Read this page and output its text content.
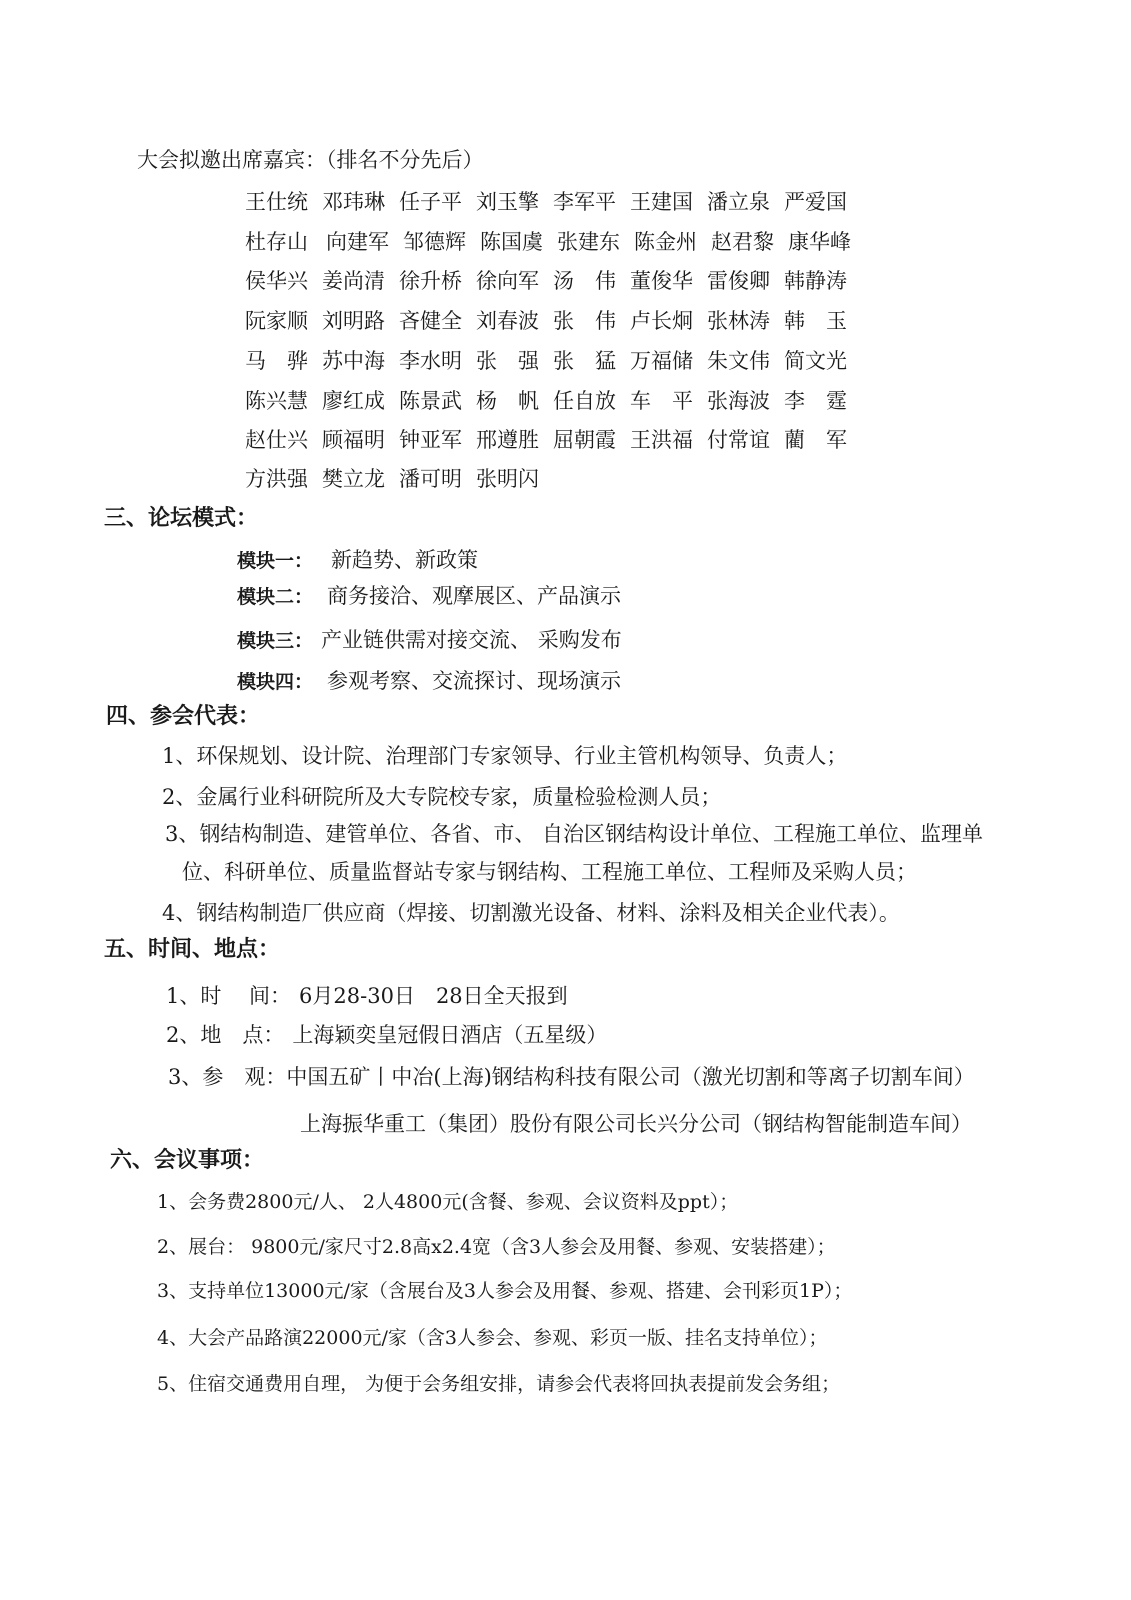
大会拟邀出席嘉宾：（排名不分先后）
王仕统 邓玮琳 任子平 刘玉擎 李军平 王建国 潘立泉 严爱国
杜存山 向建军 邹德辉 陈国虞 张建东 陈金州 赵君黎 康华峰
侯华兴 姜尚清 徐升桥 徐向军 汤　伟 董俊华 雷俊卿 韩静涛
阮家顺 刘明路 吝健全 刘春波 张　伟 卢长炯 张林涛 韩　玉
马　骅 苏中海 李水明 张　强 张　猛 万福储 朱文伟 简文光
陈兴慧 廖红成 陈景武 杨　帆 任自放 车　平 张海波 李　霆
赵仕兴 顾福明 钟亚军 邢遵胜 屈朝霞 王洪福 付常谊 藺　军
方洪强 樊立龙 潘可明 张明闪
三、论坛模式：
模块一： 新趋势、新政策
模块二： 商务接洽、观摩展区、产品演示
模块三： 产业链供需对接交流、 采购发布
模块四： 参观考察、交流探讨、现场演示
四、参会代表：
1、环保规划、设计院、治理部门专家领导、行业主管机构领导、负责人；
2、金属行业科研院所及大专院校专家，质量检验检测人员；
3、钢结构制造、建管单位、各省、市、 自治区钢结构设计单位、工程施工单位、监理单
位、科研单位、质量监督站专家与钢结构、工程施工单位、工程师及采购人员；
4、钢结构制造厂供应商（焊接、切割激光设备、材料、涂料及相关企业代表）。
五、时间、地点：
1、时　 间： 6月28-30日　28日全天报到
2、地　点： 上海颖奕皇冠假日酒店（五星级）
3、参　观：中国五矿丨中冶(上海)钢结构科技有限公司（激光切割和等离子切割车间）
上海振华重工（集团）股份有限公司长兴分公司（钢结构智能制造车间）
六、会议事项：
1、会务费2800元/人、 2人4800元(含餐、参观、会议资料及ppt）；
2、展台： 9800元/家尺寸2.8高x2.4宽（含3人参会及用餐、参观、安装搭建）；
3、支持单位13000元/家（含展台及3人参会及用餐、参观、搭建、会刊彩页1P）；
4、大会产品路演22000元/家（含3人参会、参观、彩页一版、挂名支持单位）；
5、住宿交通费用自理， 为便于会务组安排，请参会代表将回执表提前发会务组；
